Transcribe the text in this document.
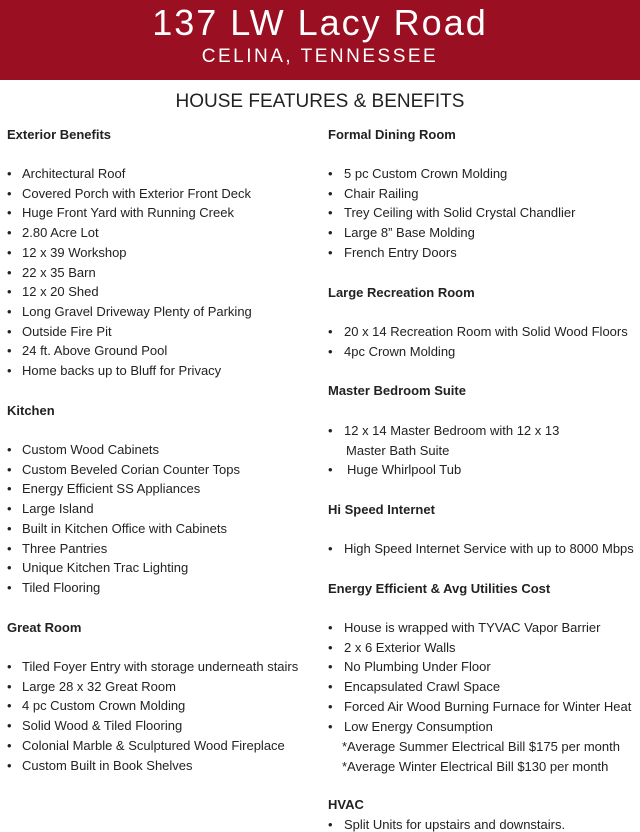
137 LW Lacy Road
CELINA, TENNESSEE
HOUSE FEATURES & BENEFITS
Exterior Benefits
Kitchen
Great Room
• Architectural Roof
• Covered Porch with Exterior Front Deck
• Huge Front Yard with Running Creek
• 2.80 Acre Lot
• 12 x 39 Workshop
• 22 x 35 Barn
• 12 x 20 Shed
• Long Gravel Driveway Plenty of Parking
• Outside Fire Pit
• 24 ft. Above Ground Pool
• Home backs up to Bluff for Privacy
• Custom Wood Cabinets
• Custom Beveled Corian Counter Tops
• Energy Efficient SS Appliances
• Large Island
• Built in Kitchen Office with Cabinets
• Three Pantries
• Unique Kitchen Trac Lighting
• Tiled Flooring
• Tiled Foyer Entry with storage underneath stairs
• Large 28 x 32 Great Room
• 4 pc Custom Crown Molding
• Solid Wood & Tiled Flooring
• Colonial Marble & Sculptured Wood Fireplace
• Custom Built in Book Shelves
Formal Dining Room
Large Recreation Room
Master Bedroom Suite
• 12 x 14 Master Bedroom with 12 x 13
Master Bath Suite
• Huge Whirlpool Tub
Hi Speed Internet
Energy Efficient & Avg Utilities Cost
*Average Summer Electrical Bill $175 per month
*Average Winter Electrical Bill $130 per month
HVAC
• 5 pc Custom Crown Molding
• Chair Railing
• Trey Ceiling with Solid Crystal Chandlier
• Large 8” Base Molding
• French Entry Doors
• 20 x 14 Recreation Room with Solid Wood Floors
• 4pc Crown Molding
• High Speed Internet Service with up to 8000 Mbps
• House is wrapped with TYVAC Vapor Barrier
• 2 x 6 Exterior Walls
• No Plumbing Under Floor
• Encapsulated Crawl Space
• Forced Air Wood Burning Furnace for Winter Heat
• Low Energy Consumption
• Split Units for upstairs and downstairs.
